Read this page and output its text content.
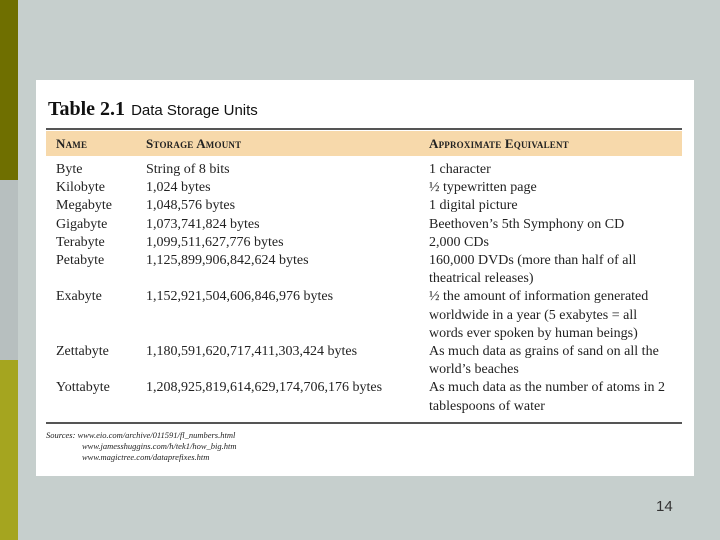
Table 2.1 Data Storage Units
Name	Storage Amount	Approximate Equivalent
Byte	String of 8 bits	1 character
Kilobyte	1,024 bytes	½ typewritten page
Megabyte 1,048,576 bytes	1 digital picture
Gigabyte	1,073,741,824 bytes	Beethoven’s 5th Symphony on CD
Terabyte	1,099,511,627,776 bytes	2,000 CDs
Petabyte	1,125,899,906,842,624 bytes	160,000 DVDs (more than half of all theatrical releases)
Exabyte	1,152,921,504,606,846,976 bytes	½ the amount of information generated worldwide in a year (5 exabytes = all words ever spoken by human beings)
Zettabyte	1,180,591,620,717,411,303,424 bytes	As much data as grains of sand on all the world’s beaches
Yottabyte	1,208,925,819,614,629,174,706,176 bytes	As much data as the number of atoms in 2 tablespoons of water
Sources: www.eio.com/archive/011591/fl_numbers.html
www.jamesshuggins.com/h/tek1/how_big.htm
www.magictree.com/dataprefixes.htm
14
